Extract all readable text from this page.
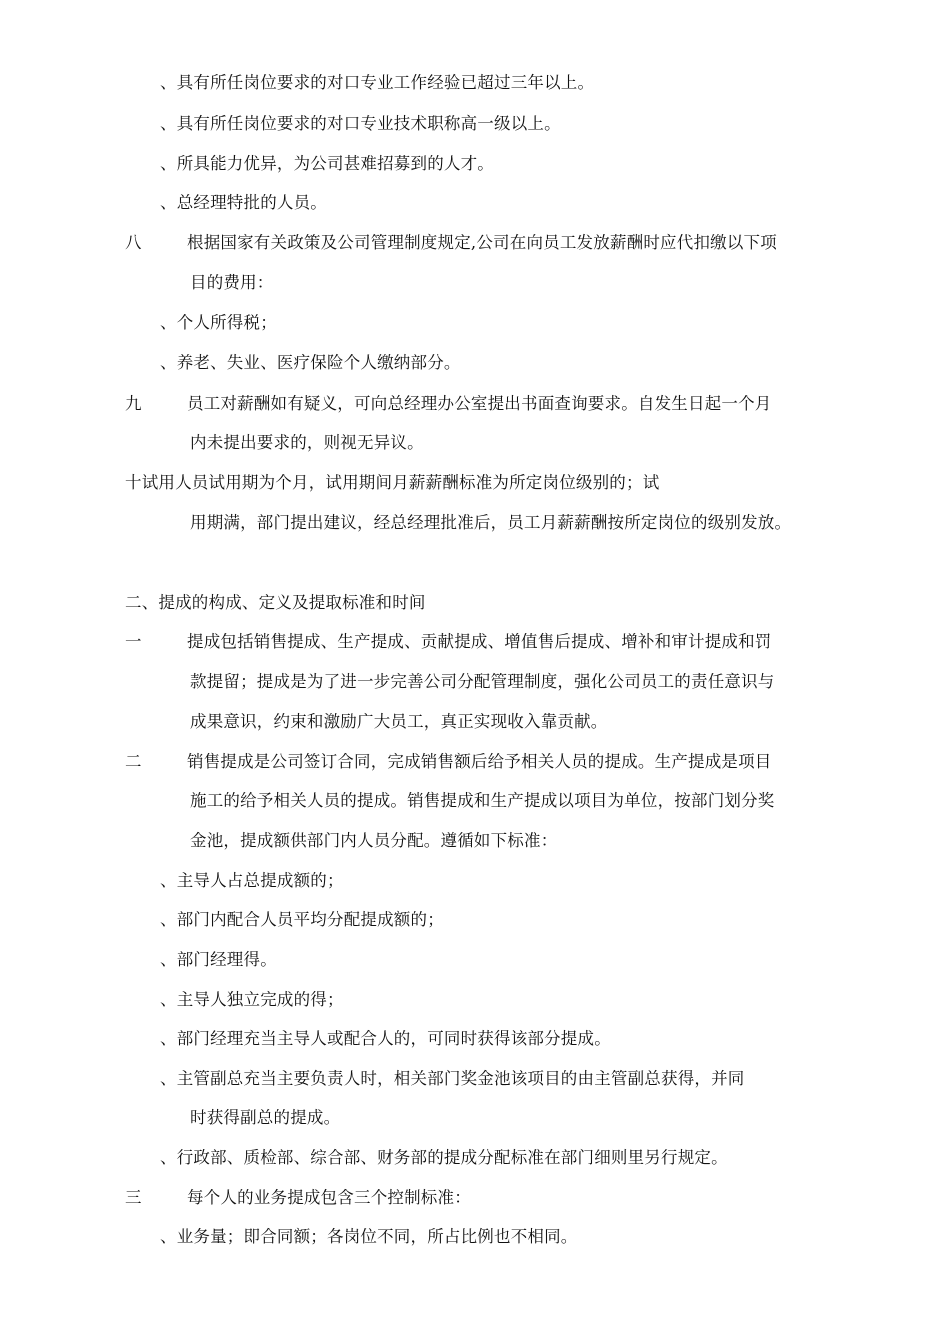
、具有所任岗位要求的对口专业工作经验已超过三年以上。
、具有所任岗位要求的对口专业技术职称高一级以上。
、所具能力优异，为公司甚难招募到的人才。
、总经理特批的人员。
八	根据国家有关政策及公司管理制度规定,公司在向员工发放薪酬时应代扣缴以下项
目的费用：
、个人所得税；
、养老、失业、医疗保险个人缴纳部分。
九	员工对薪酬如有疑义，可向总经理办公室提出书面查询要求。自发生日起一个月
内未提出要求的，则视无异议。
十试用人员试用期为个月，试用期间月薪薪酬标准为所定岗位级别的；试
用期满，部门提出建议，经总经理批准后，员工月薪薪酬按所定岗位的级别发放。
二、提成的构成、定义及提取标准和时间
一	提成包括销售提成、生产提成、贡献提成、增值售后提成、增补和审计提成和罚
款提留；提成是为了进一步完善公司分配管理制度，强化公司员工的责任意识与
成果意识，约束和激励广大员工，真正实现收入靠贡献。
二	销售提成是公司签订合同，完成销售额后给予相关人员的提成。生产提成是项目
施工的给予相关人员的提成。销售提成和生产提成以项目为单位，按部门划分奖
金池，提成额供部门内人员分配。遵循如下标准：
、主导人占总提成额的；
、部门内配合人员平均分配提成额的；
、部门经理得。
、主导人独立完成的得；
、部门经理充当主导人或配合人的，可同时获得该部分提成。
、主管副总充当主要负责人时，相关部门奖金池该项目的由主管副总获得，并同
时获得副总的提成。
、行政部、质检部、综合部、财务部的提成分配标准在部门细则里另行规定。
三	每个人的业务提成包含三个控制标准：
、业务量；即合同额；各岗位不同，所占比例也不相同。
